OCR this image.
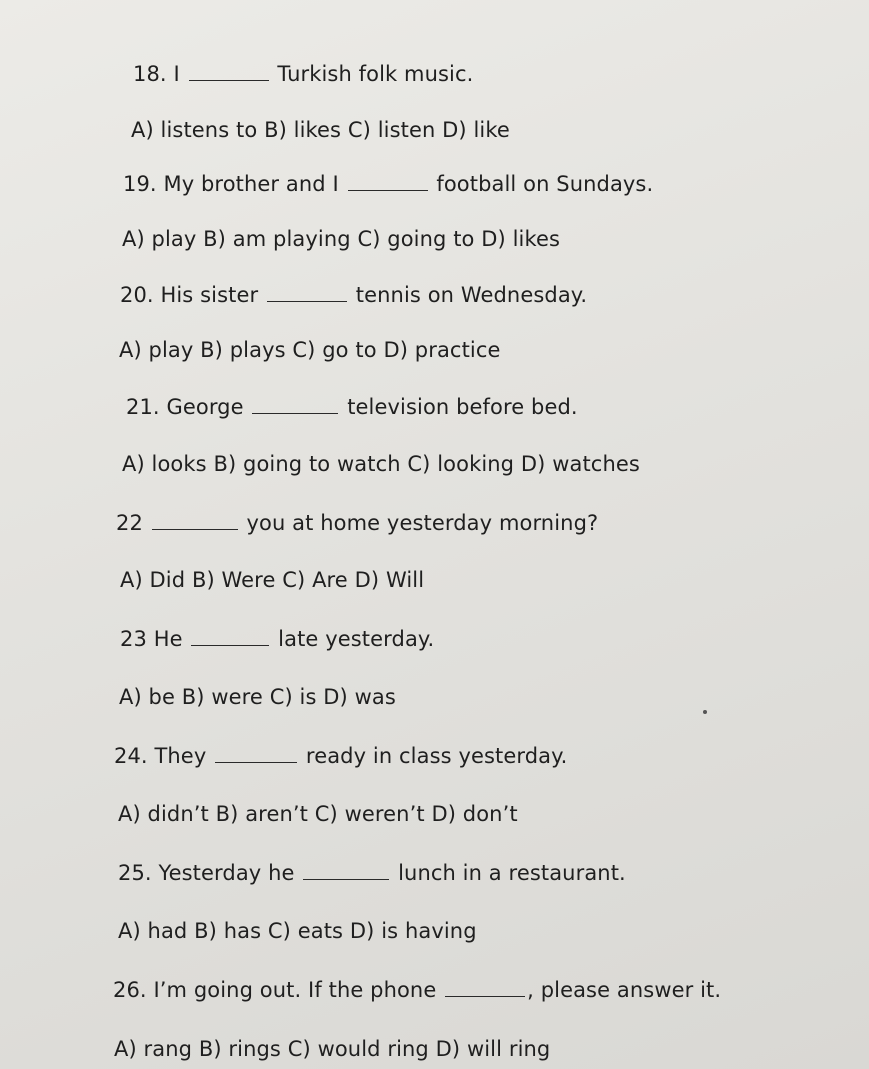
18. I	Turkish folk music.
A) listens to B) likes C) listen D) like
19. My brother and I	football on Sundays.
A) play B) am playing C) going to D) likes
20. His sister	tennis on Wednesday.
A) play B) plays C) go to D) practice
21. George	television before bed.
A) looks B) going to watch C) looking D) watches
22	you at home yesterday morning?
A) Did B) Were C) Are D) Will
23 He	late yesterday.
A) be B) were C) is D) was
24. They	ready in class yesterday.
A) didn’t B) aren’t C) weren’t D) don’t
25. Yesterday he	lunch in a restaurant.
A) had B) has C) eats D) is having
26. I’m going out. If the phone	, please answer it.
A) rang B) rings C) would ring D) will ring
